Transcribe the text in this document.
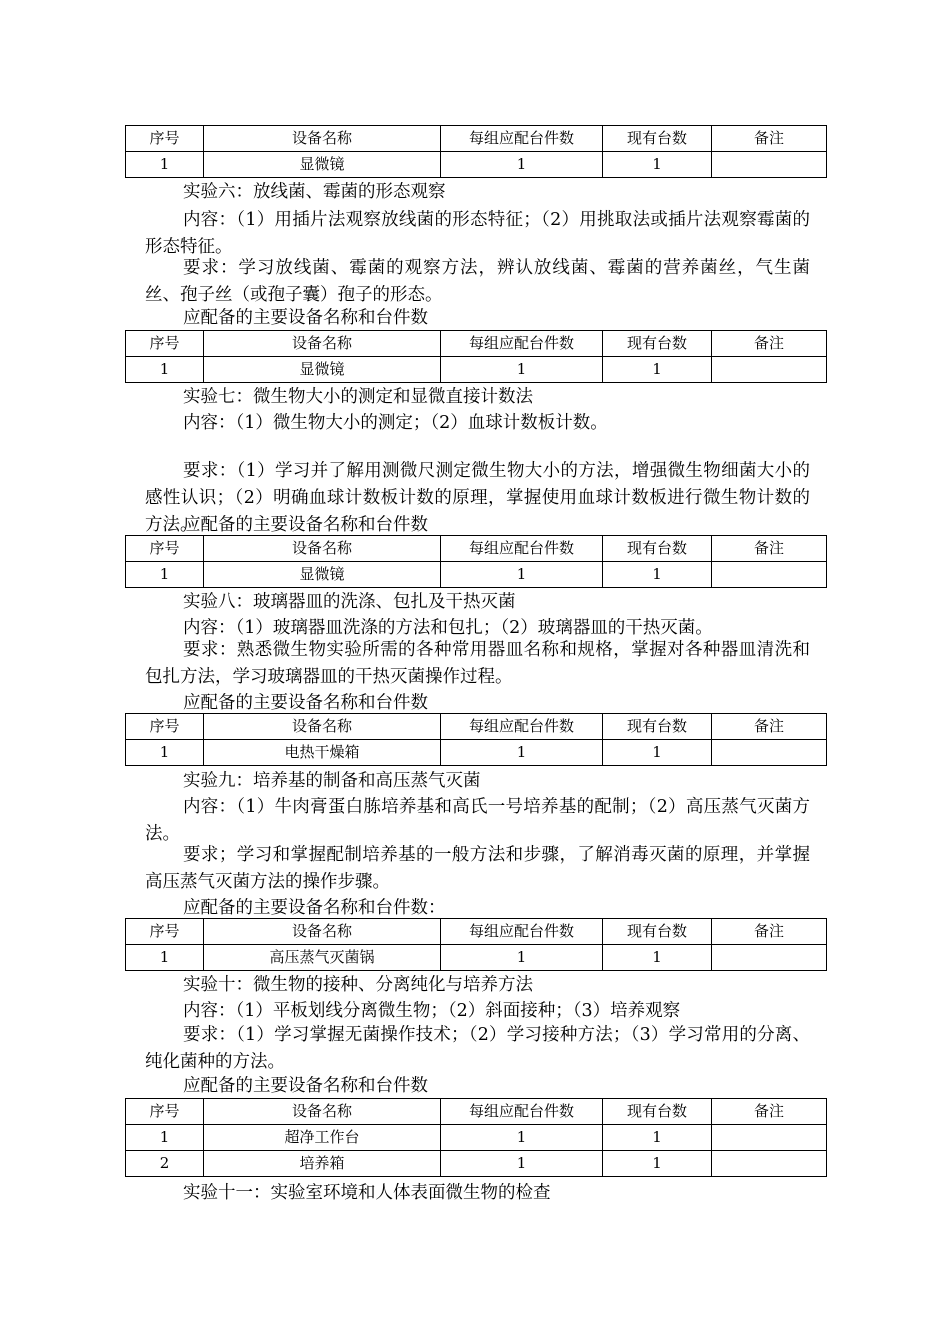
序号	设备名称	每组应配台件数	现有台数	备注
1	显微镜	1	1	

实验六：放线菌、霉菌的形态观察

内容：（1）用插片法观察放线菌的形态特征；（2）用挑取法或插片法观察霉菌的形态特征。

要求：学习放线菌、霉菌的观察方法，辨认放线菌、霉菌的营养菌丝，气生菌丝、孢子丝（或孢子囊）孢子的形态。

应配备的主要设备名称和台件数

序号	设备名称	每组应配台件数	现有台数	备注
1	显微镜	1	1	

实验七：微生物大小的测定和显微直接计数法

内容：（1）微生物大小的测定；（2）血球计数板计数。

要求：（1）学习并了解用测微尺测定微生物大小的方法，增强微生物细菌大小的感性认识；（2）明确血球计数板计数的原理，掌握使用血球计数板进行微生物计数的方法。

应配备的主要设备名称和台件数

序号	设备名称	每组应配台件数	现有台数	备注
1	显微镜	1	1	

实验八：玻璃器皿的洗涤、包扎及干热灭菌

内容：（1）玻璃器皿洗涤的方法和包扎；（2）玻璃器皿的干热灭菌。

要求：熟悉微生物实验所需的各种常用器皿名称和规格，掌握对各种器皿清洗和包扎方法，学习玻璃器皿的干热灭菌操作过程。

应配备的主要设备名称和台件数

序号	设备名称	每组应配台件数	现有台数	备注
1	电热干燥箱	1	1	

实验九：培养基的制备和高压蒸气灭菌

内容：（1）牛肉膏蛋白胨培养基和高氏一号培养基的配制；（2）高压蒸气灭菌方法。

要求；学习和掌握配制培养基的一般方法和步骤，了解消毒灭菌的原理，并掌握高压蒸气灭菌方法的操作步骤。

应配备的主要设备名称和台件数：

序号	设备名称	每组应配台件数	现有台数	备注
1	高压蒸气灭菌锅	1	1	

实验十：微生物的接种、分离纯化与培养方法

内容：（1）平板划线分离微生物；（2）斜面接种；（3）培养观察

要求：（1）学习掌握无菌操作技术；（2）学习接种方法；（3）学习常用的分离、纯化菌种的方法。

应配备的主要设备名称和台件数

序号	设备名称	每组应配台件数	现有台数	备注
1	超净工作台	1	1	
2	培养箱	1	1	

实验十一：实验室环境和人体表面微生物的检查
